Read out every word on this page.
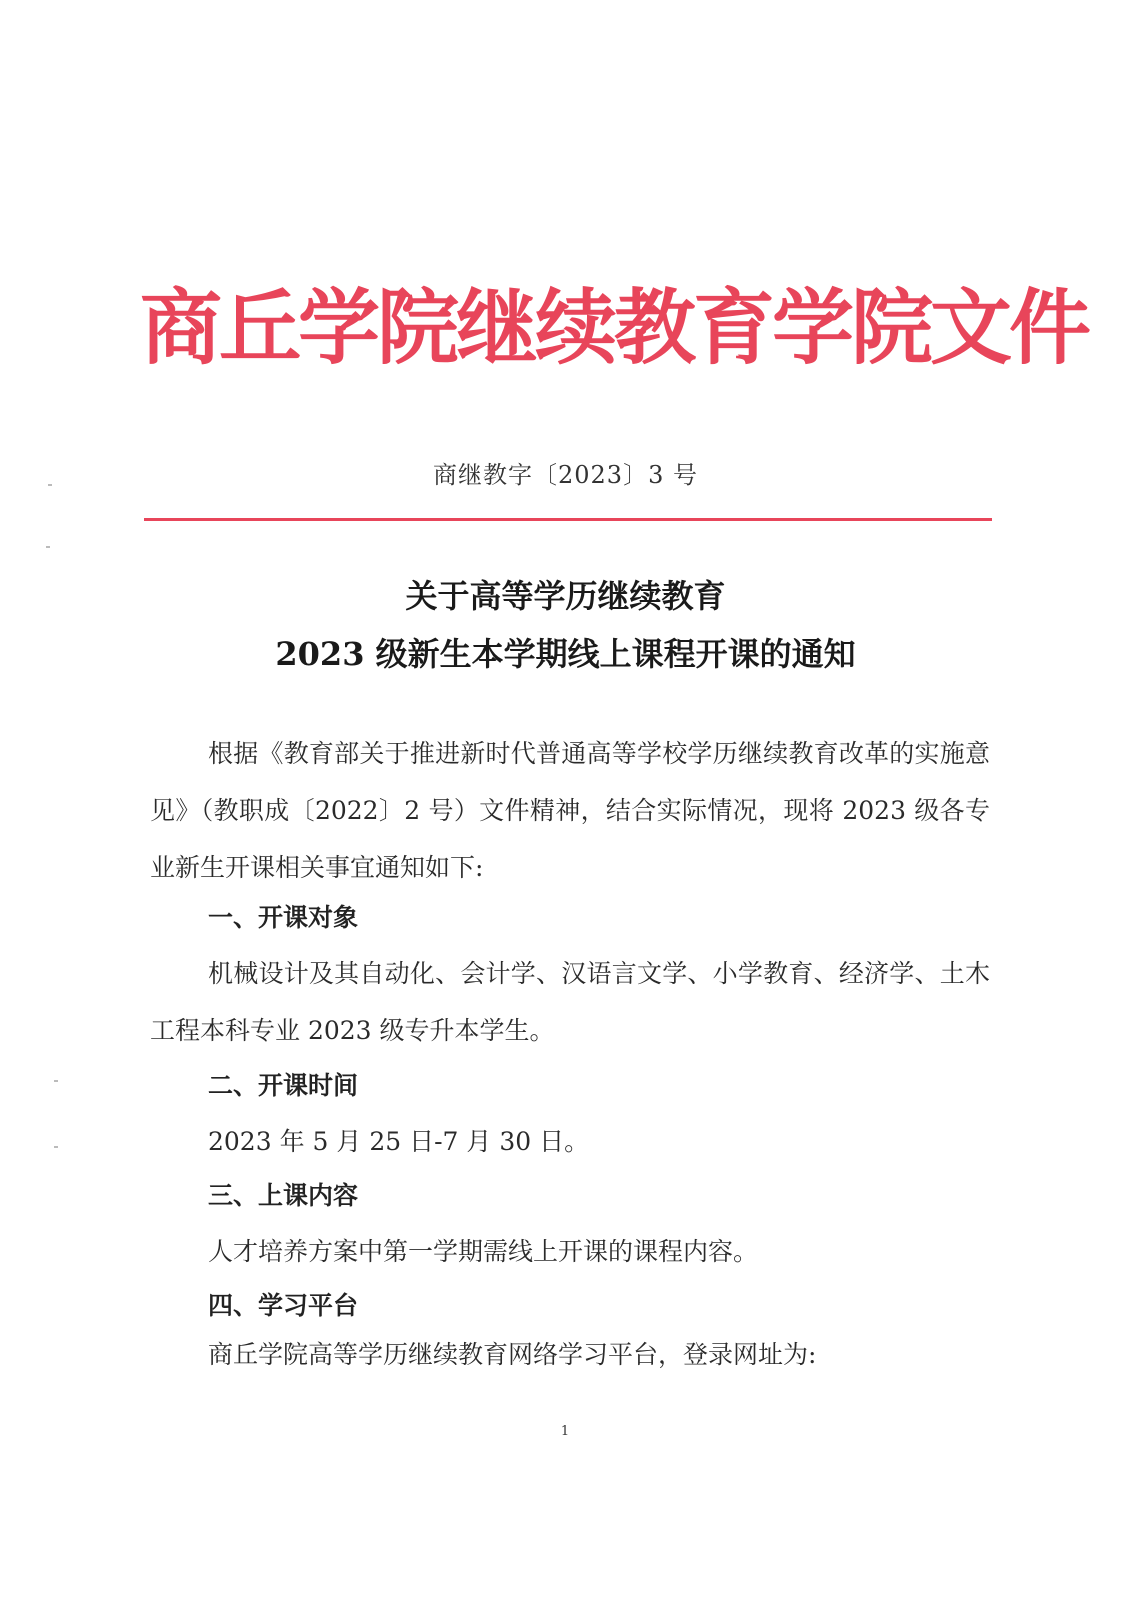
商丘学院继续教育学院文件
商继教字〔2023〕3 号
关于高等学历继续教育
2023 级新生本学期线上课程开课的通知
根据《教育部关于推进新时代普通高等学校学历继续教育改革的实施意见》（教职成〔2022〕2 号）文件精神，结合实际情况，现将 2023 级各专业新生开课相关事宜通知如下:
一、开课对象
机械设计及其自动化、会计学、汉语言文学、小学教育、经济学、土木工程本科专业 2023 级专升本学生。
二、开课时间
2023 年 5 月 25 日-7 月 30 日。
三、上课内容
人才培养方案中第一学期需线上开课的课程内容。
四、学习平台
商丘学院高等学历继续教育网络学习平台，登录网址为:
1
